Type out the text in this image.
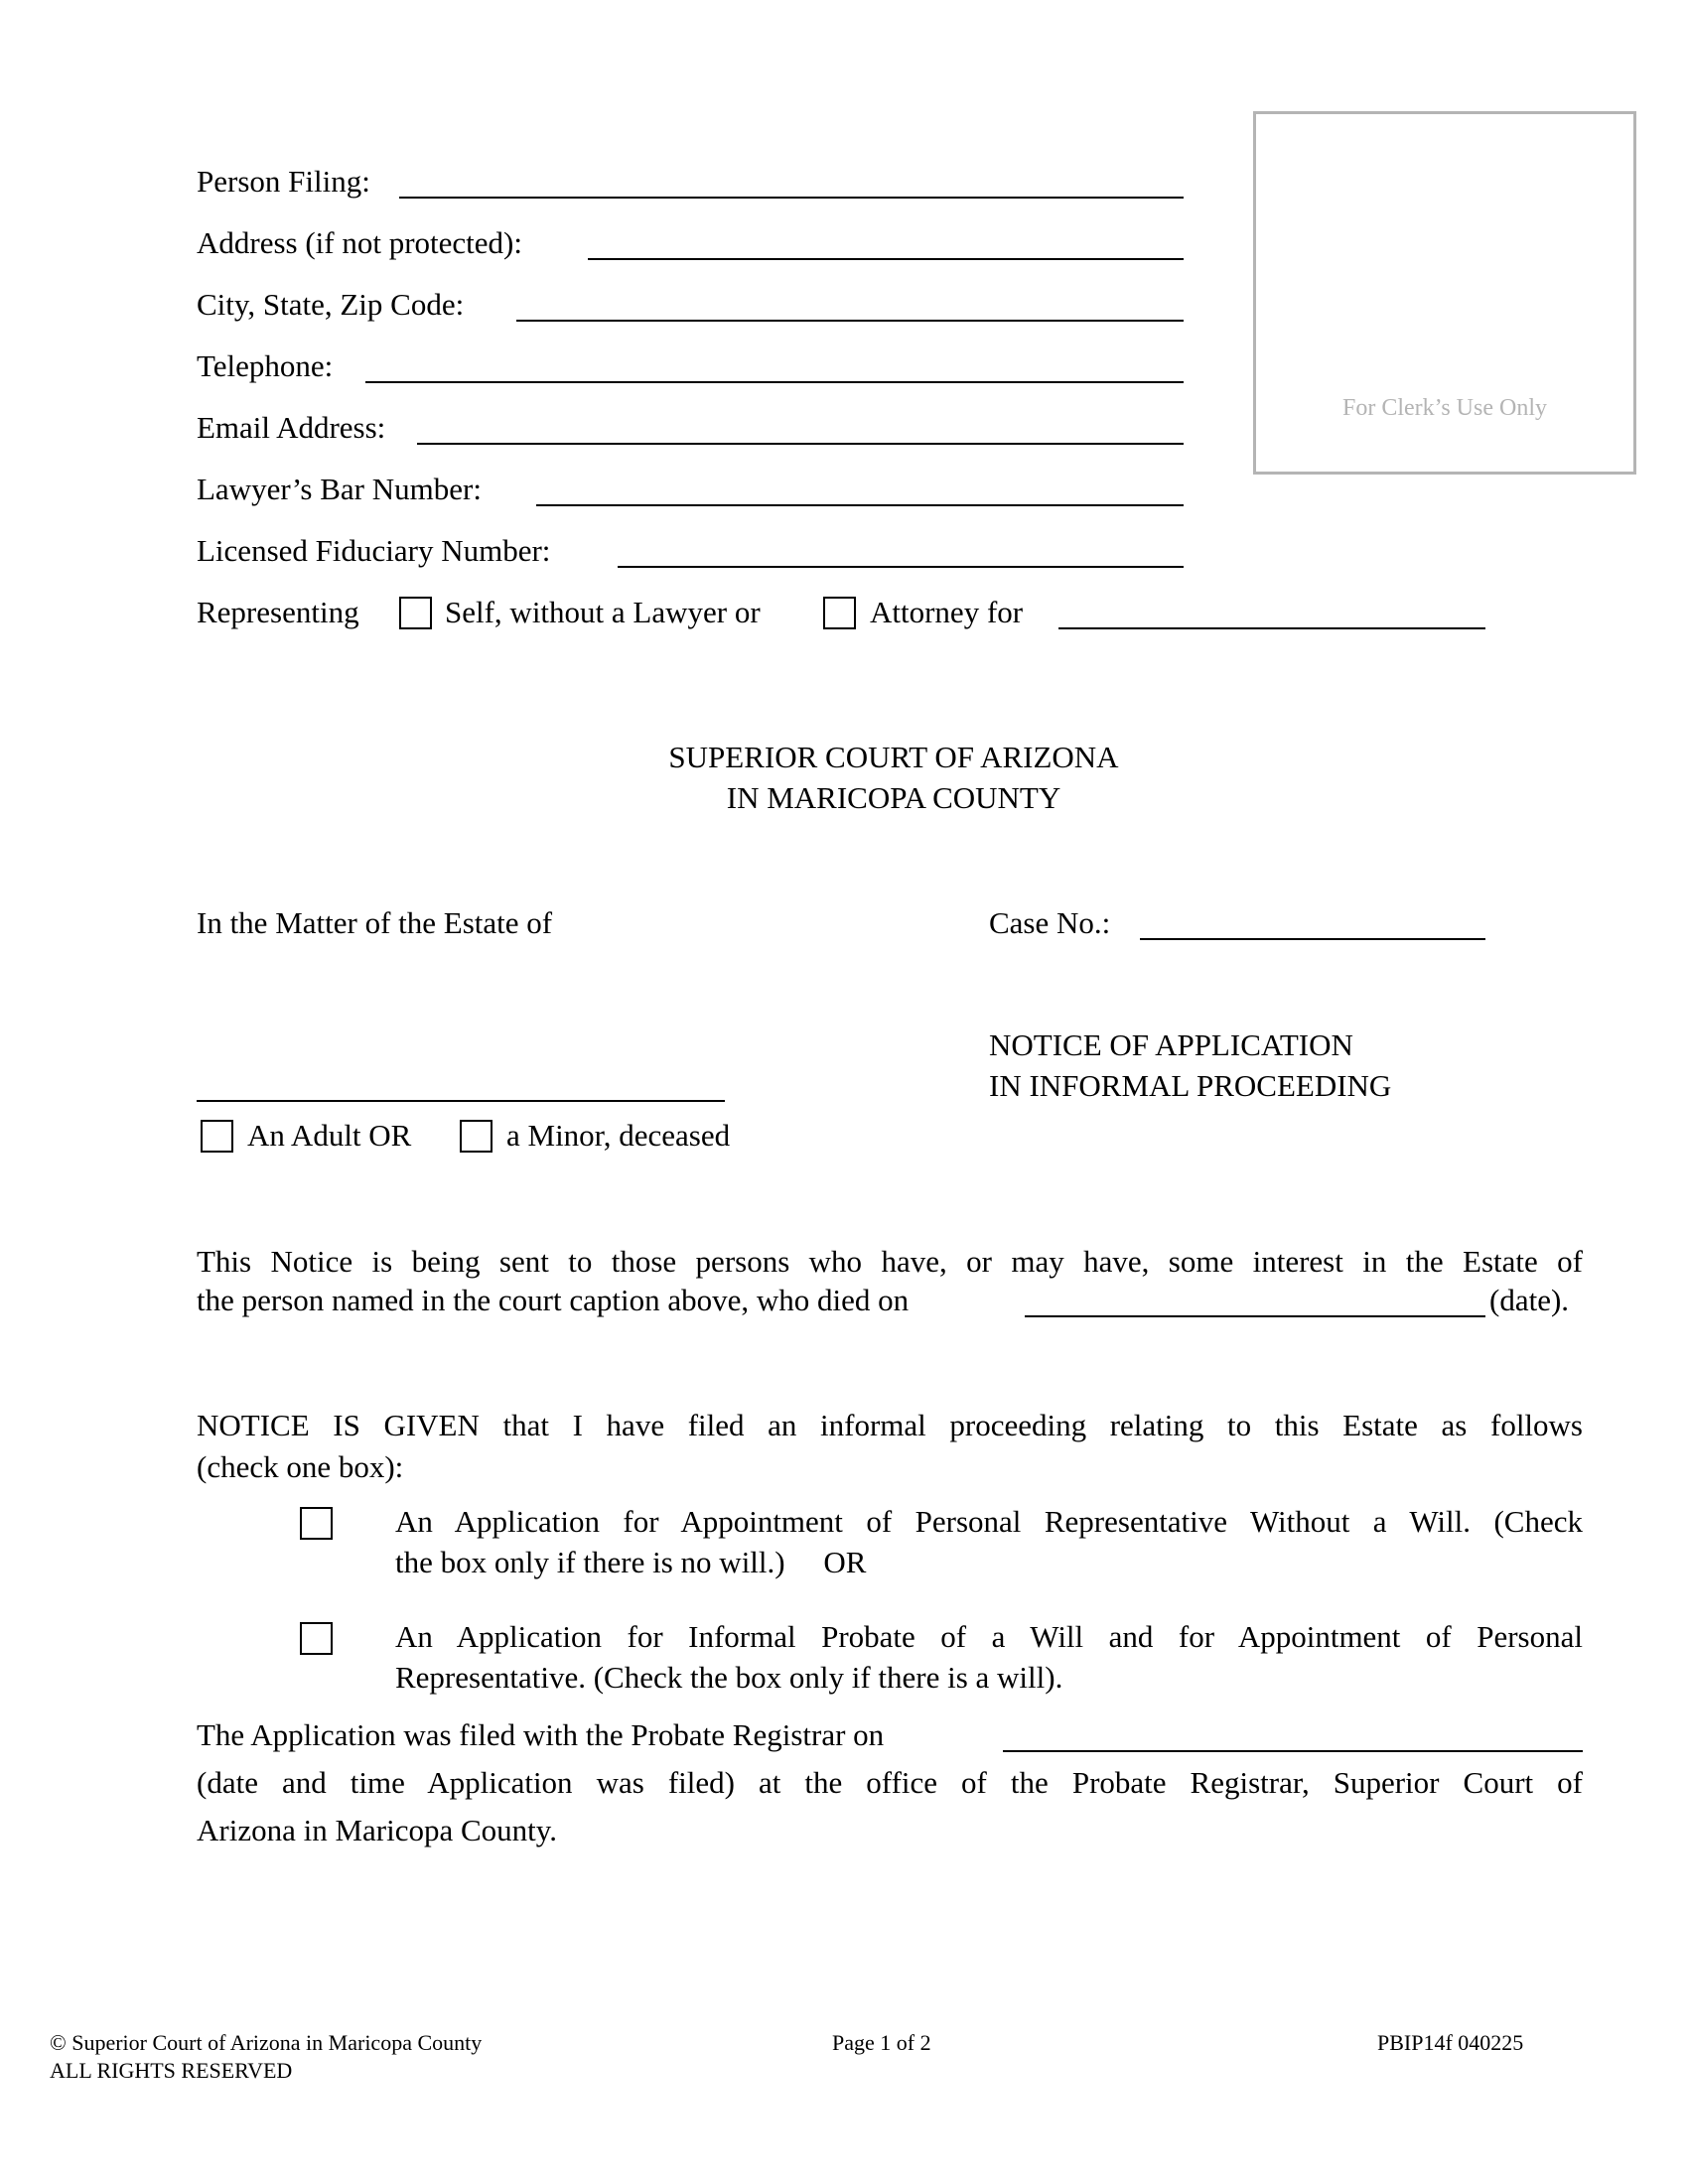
Person Filing:
Address (if not protected):
City, State, Zip Code:
Telephone:
Email Address:
Lawyer’s Bar Number:
Licensed Fiduciary Number:
Representing	Self, without a Lawyer or	Attorney for
For Clerk’s Use Only
SUPERIOR COURT OF ARIZONA
IN MARICOPA COUNTY
In the Matter of the Estate of	Case No.:
NOTICE OF APPLICATION
IN INFORMAL PROCEEDING
An Adult OR	a Minor, deceased
This Notice is being sent to those persons who have, or may have, some interest in the Estate of
the person named in the court caption above, who died on	(date).
NOTICE IS GIVEN that I have filed an informal proceeding relating to this Estate as follows
(check one box):
An Application for Appointment of Personal Representative Without a Will. (Check
the box only if there is no will.)     OR
An Application for Informal Probate of a Will and for Appointment of Personal
Representative. (Check the box only if there is a will).
The Application was filed with the Probate Registrar on
(date and time Application was filed) at the office of the Probate Registrar, Superior Court of
Arizona in Maricopa County.
© Superior Court of Arizona in Maricopa County
ALL RIGHTS RESERVED
Page 1 of 2	PBIP14f 040225
